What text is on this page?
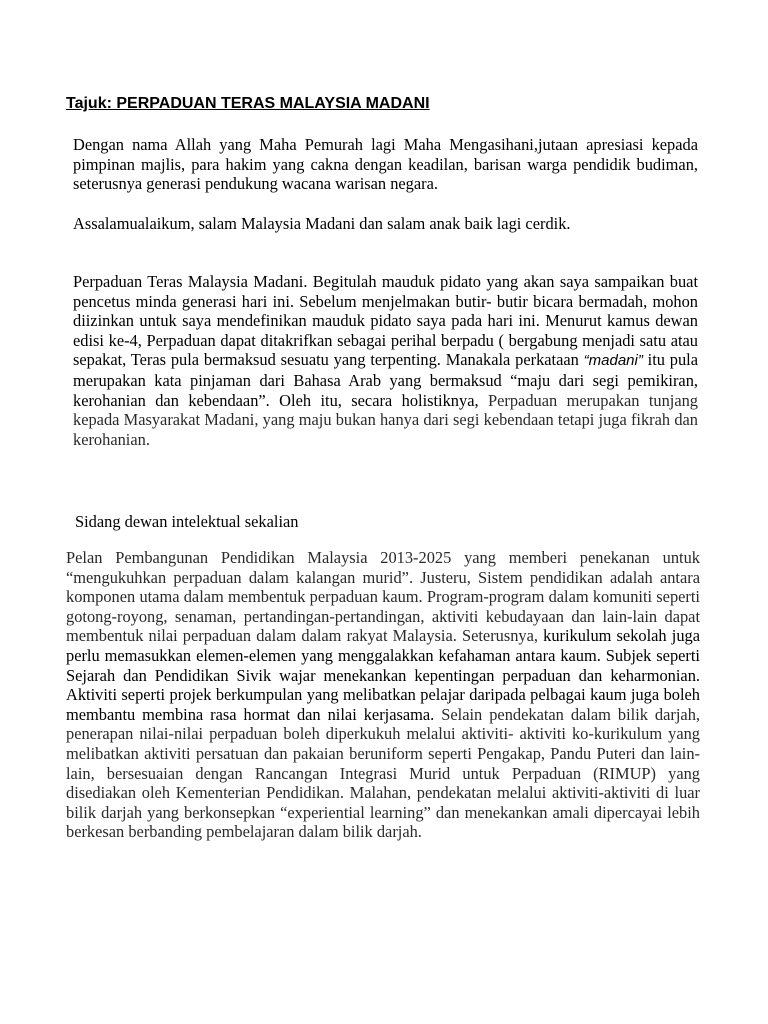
Tajuk: PERPADUAN TERAS MALAYSIA MADANI

Dengan nama Allah yang Maha Pemurah lagi Maha Mengasihani,jutaan apresiasi kepada pimpinan majlis, para hakim yang cakna dengan keadilan, barisan warga pendidik budiman, seterusnya generasi pendukung wacana warisan negara.

Assalamualaikum, salam Malaysia Madani dan salam anak baik lagi cerdik.

Perpaduan Teras Malaysia Madani. Begitulah mauduk pidato yang akan saya sampaikan buat pencetus minda generasi hari ini. Sebelum menjelmakan butir- butir bicara bermadah, mohon diizinkan untuk saya mendefinikan mauduk pidato saya pada hari ini. Menurut kamus dewan edisi ke-4, Perpaduan dapat ditakrifkan sebagai perihal berpadu ( bergabung menjadi satu atau sepakat, Teras pula bermaksud sesuatu yang terpenting. Manakala perkataan “madani” itu pula merupakan kata pinjaman dari Bahasa Arab yang bermaksud “maju dari segi pemikiran, kerohanian dan kebendaan”. Oleh itu, secara holistiknya, Perpaduan merupakan tunjang kepada Masyarakat Madani, yang maju bukan hanya dari segi kebendaan tetapi juga fikrah dan kerohanian.

Sidang dewan intelektual sekalian

Pelan Pembangunan Pendidikan Malaysia 2013-2025 yang memberi penekanan untuk “mengukuhkan perpaduan dalam kalangan murid”. Justeru, Sistem pendidikan adalah antara komponen utama dalam membentuk perpaduan kaum. Program-program dalam komuniti seperti gotong-royong, senaman, pertandingan-pertandingan, aktiviti kebudayaan dan lain-lain dapat membentuk nilai perpaduan dalam dalam rakyat Malaysia. Seterusnya, kurikulum sekolah juga perlu memasukkan elemen-elemen yang menggalakkan kefahaman antara kaum. Subjek seperti Sejarah dan Pendidikan Sivik wajar menekankan kepentingan perpaduan dan keharmonian. Aktiviti seperti projek berkumpulan yang melibatkan pelajar daripada pelbagai kaum juga boleh membantu membina rasa hormat dan nilai kerjasama. Selain pendekatan dalam bilik darjah, penerapan nilai-nilai perpaduan boleh diperkukuh melalui aktiviti- aktiviti ko-kurikulum yang melibatkan aktiviti persatuan dan pakaian beruniform seperti Pengakap, Pandu Puteri dan lain-lain, bersesuaian dengan Rancangan Integrasi Murid untuk Perpaduan (RIMUP) yang disediakan oleh Kementerian Pendidikan. Malahan, pendekatan melalui aktiviti-aktiviti di luar bilik darjah yang berkonsepkan “experiential learning” dan menekankan amali dipercayai lebih berkesan berbanding pembelajaran dalam bilik darjah.
